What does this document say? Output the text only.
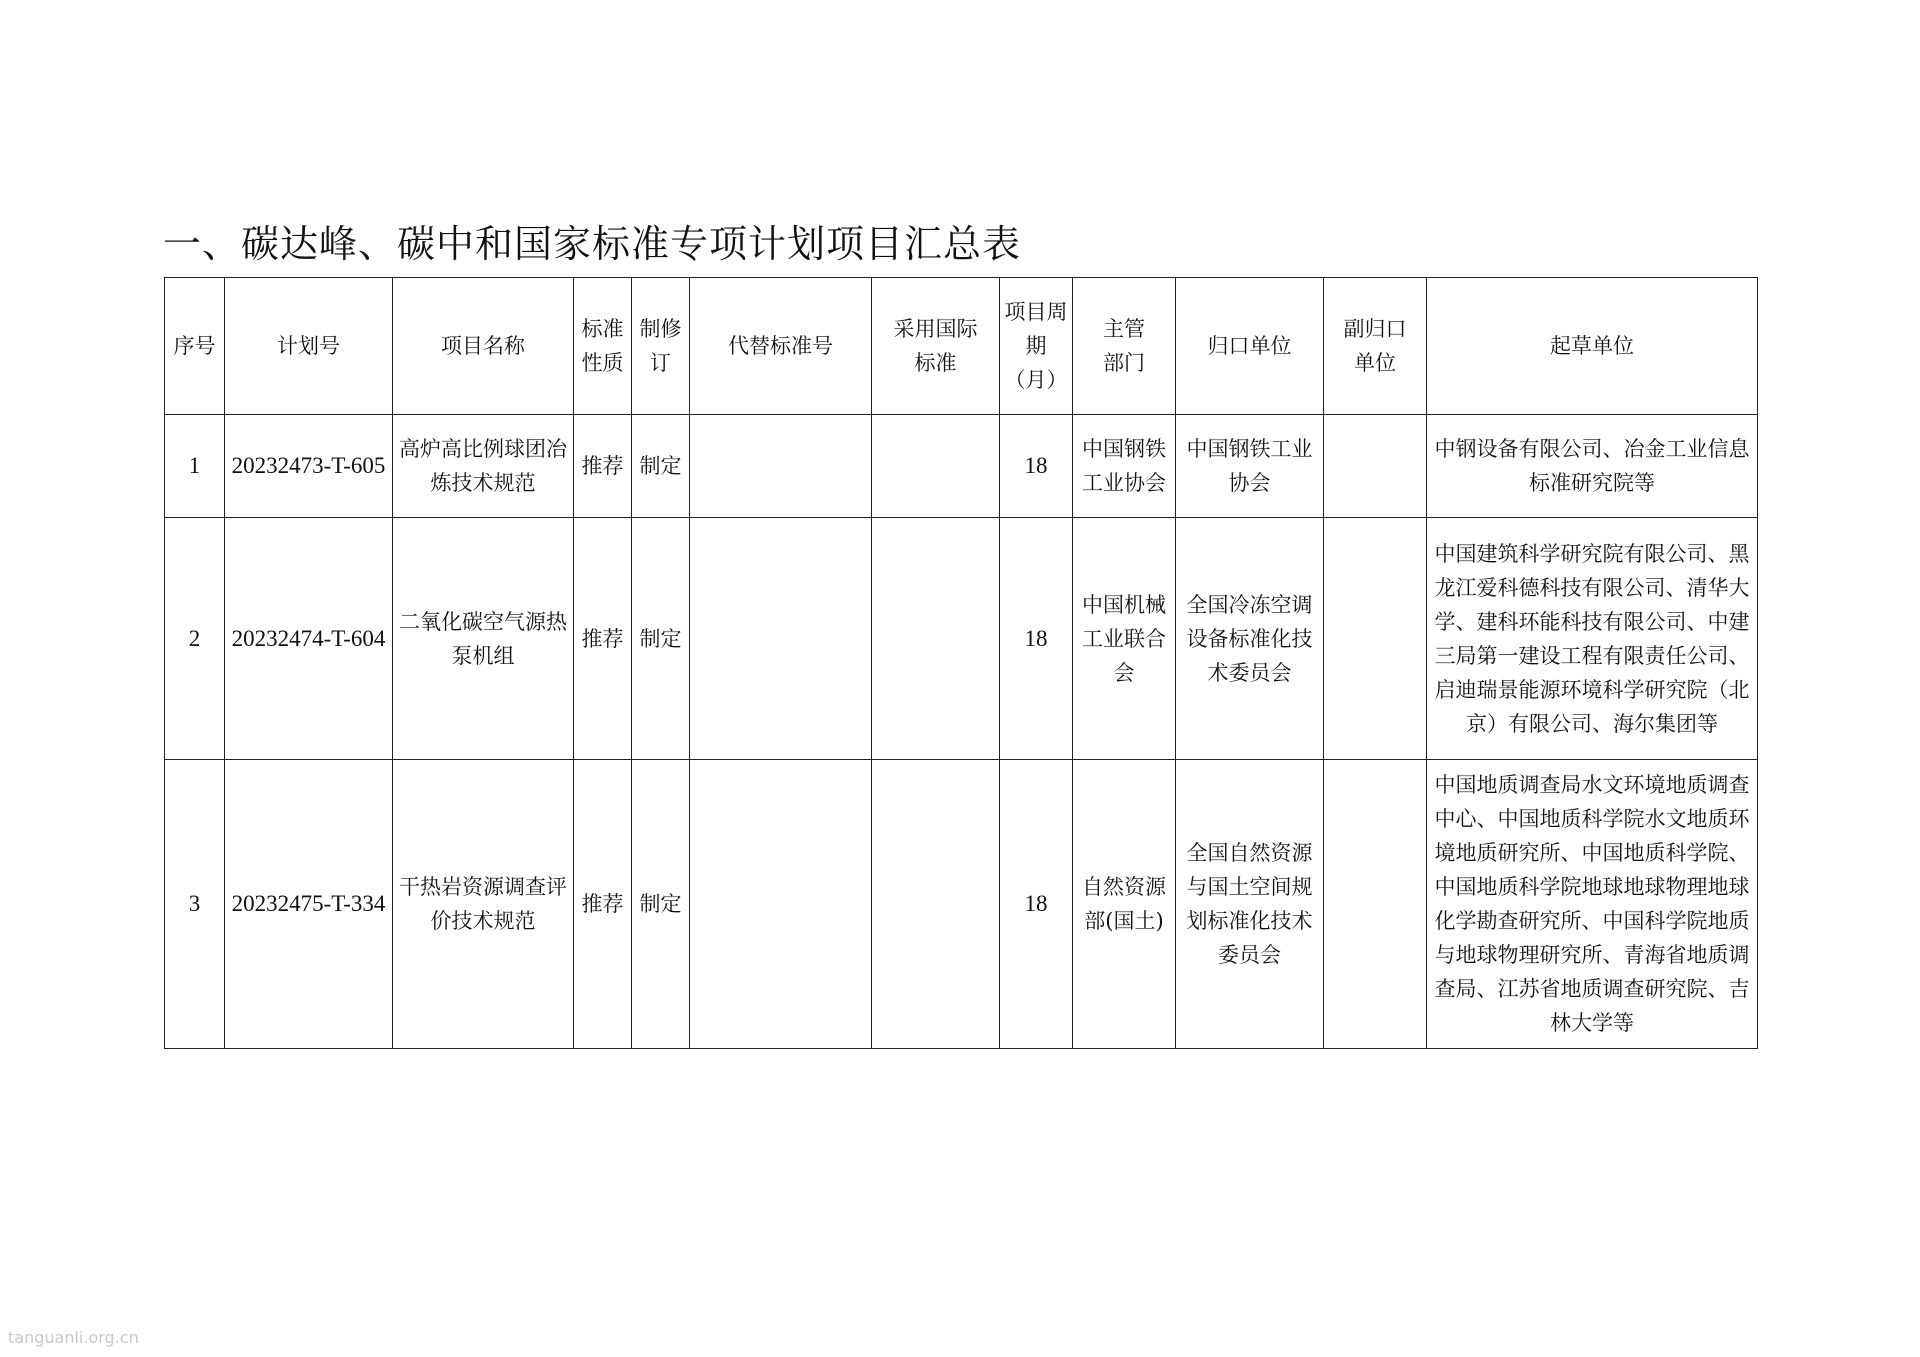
一、碳达峰、碳中和国家标准专项计划项目汇总表
序号	计划号	项目名称	标准性质	制修订	代替标准号	采用国际标准	项目周期（月）	主管部门	归口单位	副归口单位	起草单位
1	20232473-T-605	高炉高比例球团冶炼技术规范	推荐	制定			18	中国钢铁工业协会	中国钢铁工业协会		中钢设备有限公司、冶金工业信息标准研究院等
2	20232474-T-604	二氧化碳空气源热泵机组	推荐	制定			18	中国机械工业联合会	全国冷冻空调设备标准化技术委员会		中国建筑科学研究院有限公司、黑龙江爱科德科技有限公司、清华大学、建科环能科技有限公司、中建三局第一建设工程有限责任公司、启迪瑞景能源环境科学研究院（北京）有限公司、海尔集团等
3	20232475-T-334	干热岩资源调查评价技术规范	推荐	制定			18	自然资源部(国土)	全国自然资源与国土空间规划标准化技术委员会		中国地质调查局水文环境地质调查中心、中国地质科学院水文地质环境地质研究所、中国地质科学院、中国地质科学院地球地球物理地球化学勘查研究所、中国科学院地质与地球物理研究所、青海省地质调查局、江苏省地质调查研究院、吉林大学等
tanguanli.org.cn
